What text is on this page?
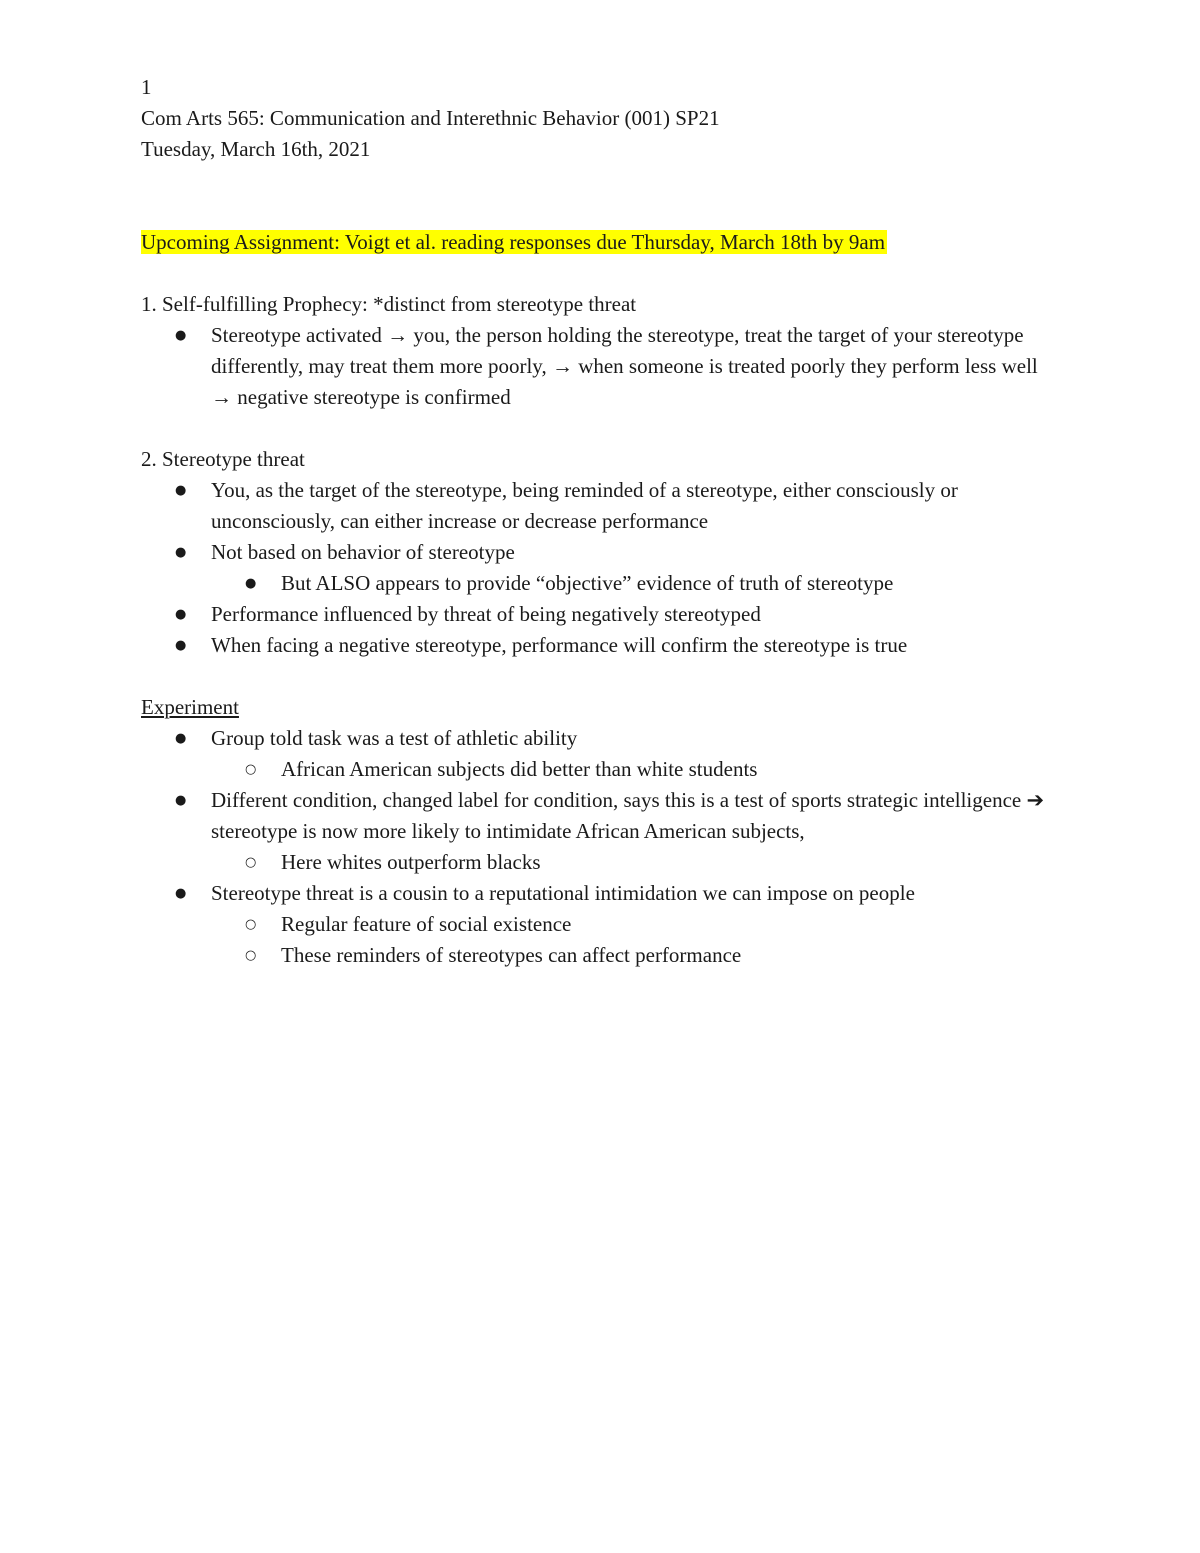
1
Com Arts 565: Communication and Interethnic Behavior (001) SP21
Tuesday, March 16th, 2021
Upcoming Assignment: Voigt et al. reading responses due Thursday, March 18th by 9am
1. Self-fulfilling Prophecy: *distinct from stereotype threat
● Stereotype activated → you, the person holding the stereotype, treat the target of your stereotype differently, may treat them more poorly, → when someone is treated poorly they perform less well → negative stereotype is confirmed
2. Stereotype threat
● You, as the target of the stereotype, being reminded of a stereotype, either consciously or unconsciously, can either increase or decrease performance
● Not based on behavior of stereotype
● But ALSO appears to provide “objective” evidence of truth of stereotype
● Performance influenced by threat of being negatively stereotyped
● When facing a negative stereotype, performance will confirm the stereotype is true
Experiment
● Group told task was a test of athletic ability
○ African American subjects did better than white students
● Different condition, changed label for condition, says this is a test of sports strategic intelligence ➔ stereotype is now more likely to intimidate African American subjects,
○ Here whites outperform blacks
● Stereotype threat is a cousin to a reputational intimidation we can impose on people
○ Regular feature of social existence
○ These reminders of stereotypes can affect performance
